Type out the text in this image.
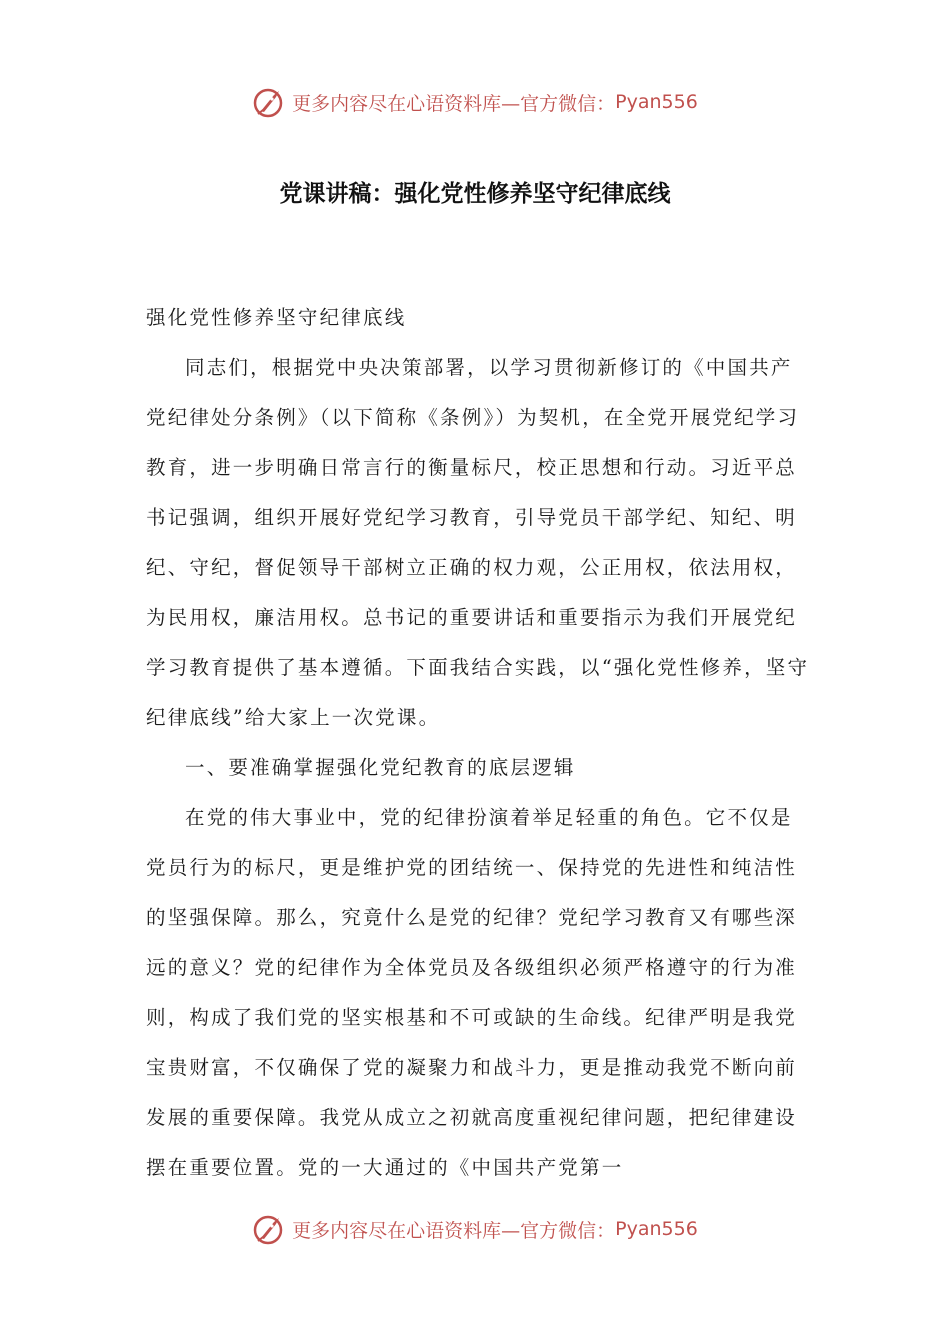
更多内容尽在心语资料库—官方微信： Pyan556
党课讲稿：强化党性修养坚守纪律底线

强化党性修养坚守纪律底线

同志们，根据党中央决策部署，以学习贯彻新修订的《中国共产党纪律处分条例》（以下简称《条例》）为契机，在全党开展党纪学习教育，进一步明确日常言行的衡量标尺，校正思想和行动。习近平总书记强调，组织开展好党纪学习教育，引导党员干部学纪、知纪、明纪、守纪，督促领导干部树立正确的权力观，公正用权，依法用权，为民用权，廉洁用权。总书记的重要讲话和重要指示为我们开展党纪学习教育提供了基本遵循。下面我结合实践，以“强化党性修养，坚守纪律底线”给大家上一次党课。

一、要准确掌握强化党纪教育的底层逻辑

在党的伟大事业中，党的纪律扮演着举足轻重的角色。它不仅是党员行为的标尺，更是维护党的团结统一、保持党的先进性和纯洁性的坚强保障。那么，究竟什么是党的纪律？党纪学习教育又有哪些深远的意义？党的纪律作为全体党员及各级组织必须严格遵守的行为准则，构成了我们党的坚实根基和不可或缺的生命线。纪律严明是我党宝贵财富，不仅确保了党的凝聚力和战斗力，更是推动我党不断向前发展的重要保障。我党从成立之初就高度重视纪律问题，把纪律建设摆在重要位置。党的一大通过的《中国共产党第一

更多内容尽在心语资料库—官方微信： Pyan556
